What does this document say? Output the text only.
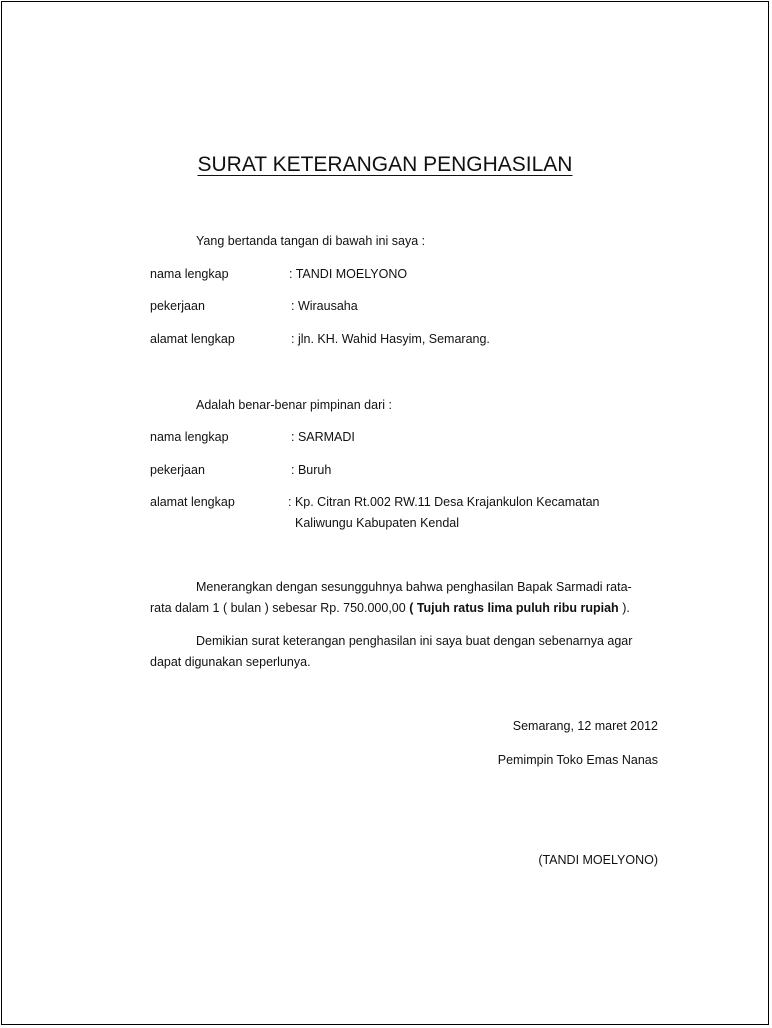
SURAT KETERANGAN PENGHASILAN
Yang bertanda tangan di bawah ini saya :
nama lengkap	: TANDI MOELYONO
pekerjaan	: Wirausaha
alamat lengkap	: jln. KH. Wahid Hasyim, Semarang.
Adalah benar-benar pimpinan dari :
nama lengkap	: SARMADI
pekerjaan	: Buruh
alamat lengkap	: Kp. Citran Rt.002 RW.11 Desa Krajankulon Kecamatan
Kaliwungu Kabupaten Kendal
Menerangkan dengan sesungguhnya bahwa penghasilan Bapak Sarmadi rata-
rata dalam 1 ( bulan ) sebesar Rp. 750.000,00 ( Tujuh ratus lima puluh ribu rupiah ).
Demikian surat keterangan penghasilan ini saya buat dengan sebenarnya agar
dapat digunakan seperlunya.
Semarang, 12 maret 2012
Pemimpin Toko Emas Nanas
(TANDI MOELYONO)
